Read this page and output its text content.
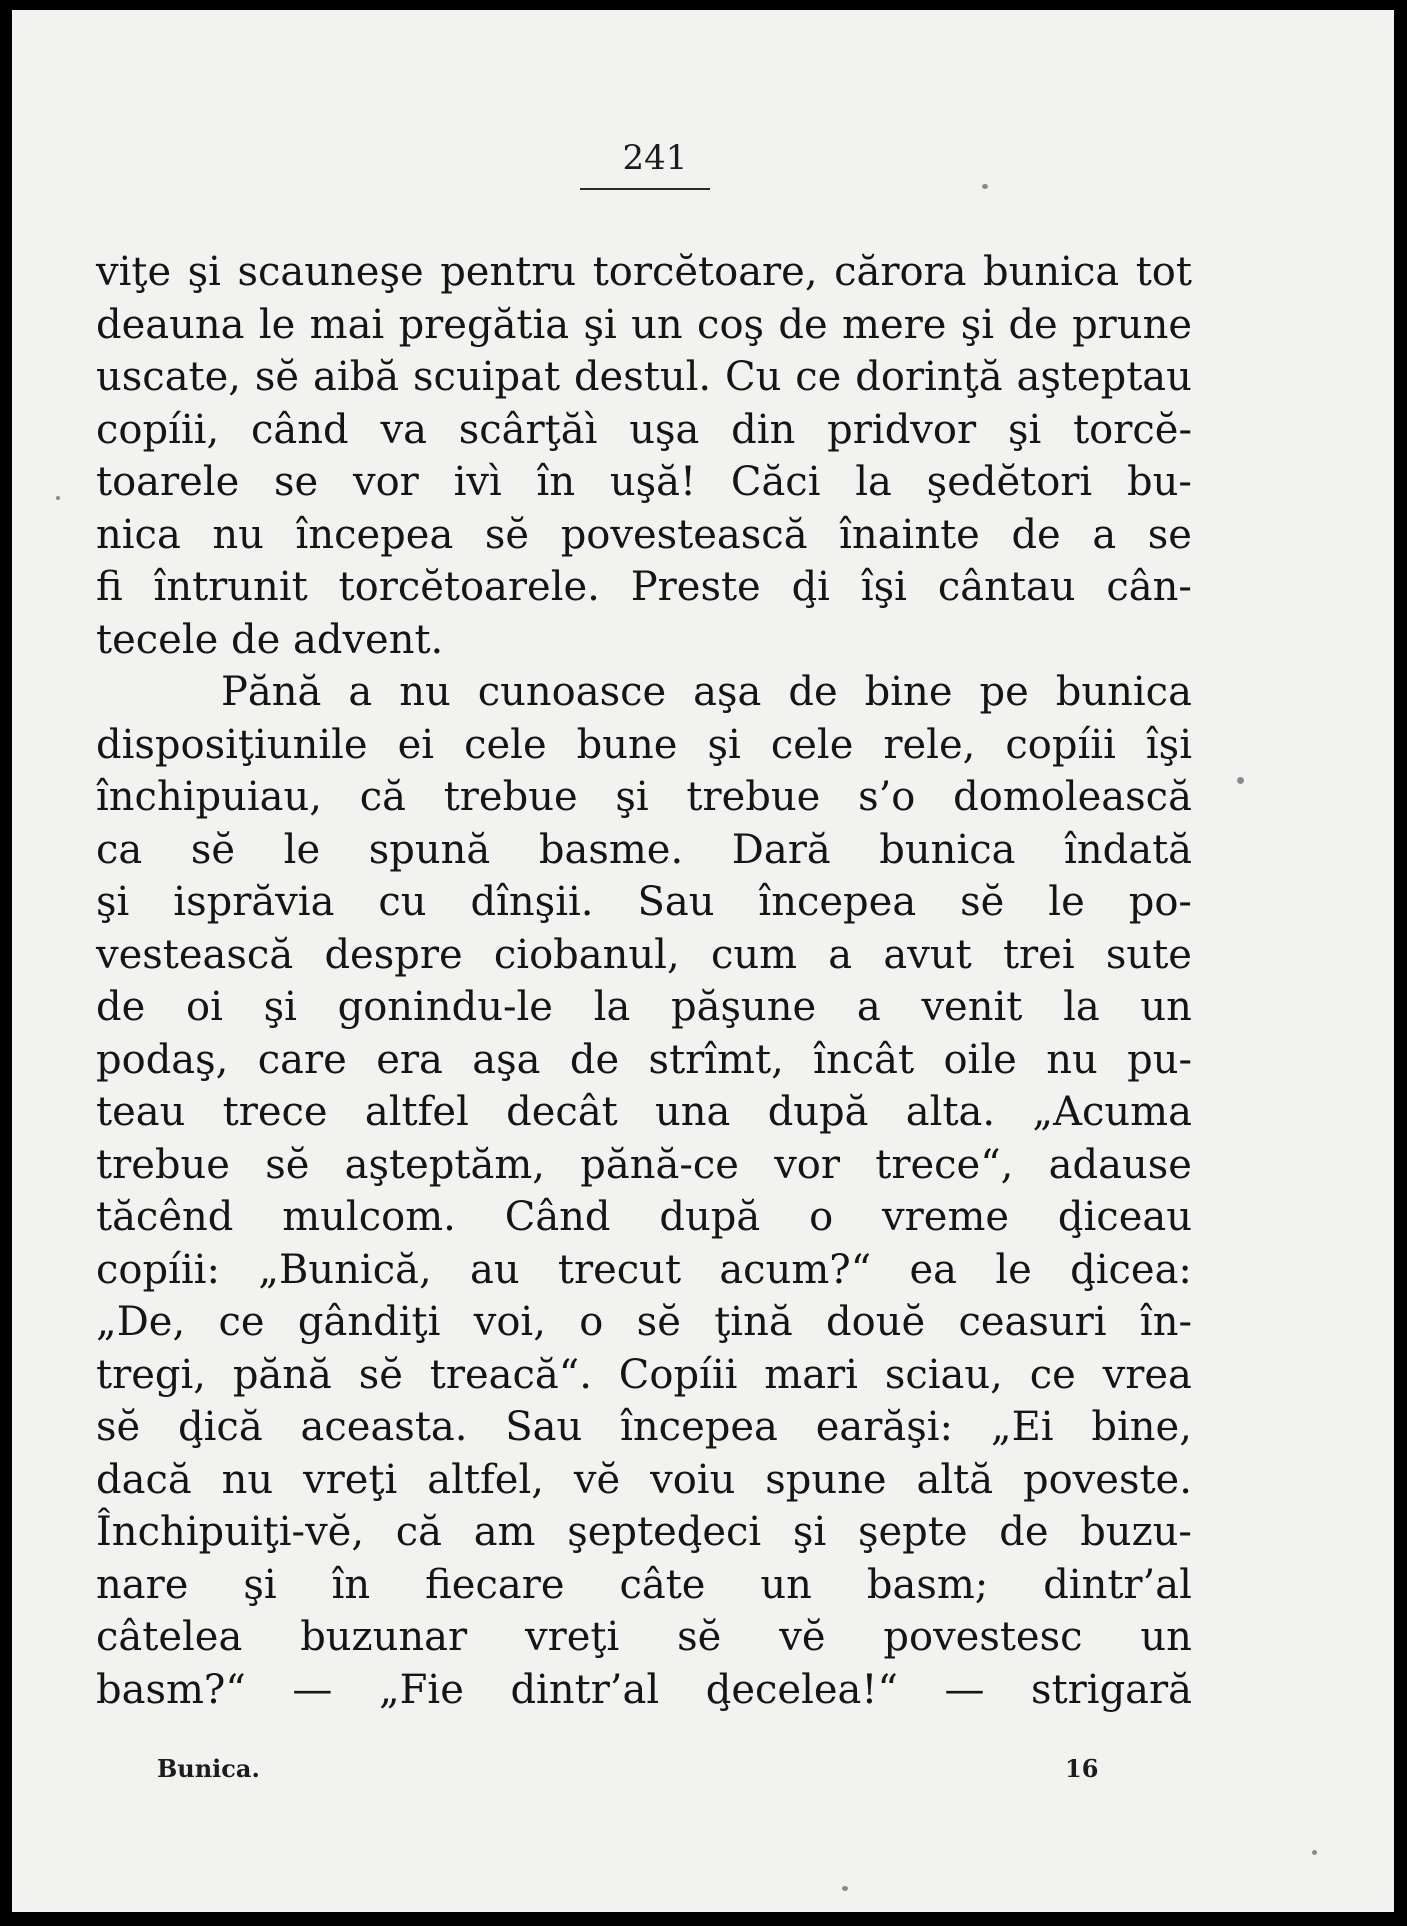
241

viţe şi scauneşe pentru torcĕtoare, cărora bunica tot
deauna le mai pregătia şi un coş de mere şi de prune
uscate, sĕ aibă scuipat destul. Cu ce dorinţă aşteptau
copíii, când va scârţăì uşa din pridvor şi torcĕ-
toarele se vor ivì în uşă! Căci la şedĕtori bu-
nica nu începea sĕ povestească înainte de a se
fi întrunit torcĕtoarele. Preste ḑi îşi cântau cân-
tecele de advent.
Pănă a nu cunoasce aşa de bine pe bunica
disposiţiunile ei cele bune şi cele rele, copíii îşi
închipuiau, că trebue şi trebue s’o domolească
ca sĕ le spună basme. Dară bunica îndată
şi isprăvia cu dînşii. Sau începea sĕ le po-
vestească despre ciobanul, cum a avut trei sute
de oi şi gonindu-le la păşune a venit la un
podaş, care era aşa de strîmt, încât oile nu pu-
teau trece altfel decât una după alta. „Acuma
trebue sĕ aşteptăm, pănă-ce vor trece“, adause
tăcênd mulcom. Când după o vreme ḑiceau
copíii: „Bunică, au trecut acum?“ ea le ḑicea:
„De, ce gândiţi voi, o sĕ ţină douĕ ceasuri în-
tregi, pănă sĕ treacă“. Copíii mari sciau, ce vrea
sĕ ḑică aceasta. Sau începea earăşi: „Ei bine,
dacă nu vreţi altfel, vĕ voiu spune altă poveste.
Închipuiţi-vĕ, că am şepteḑeci şi şepte de buzu-
nare şi în fiecare câte un basm; dintr’al
câtelea buzunar vreţi sĕ vĕ povestesc un
basm?“ — „Fie dintr’al ḑecelea!“ — strigară

Bunica.	16
